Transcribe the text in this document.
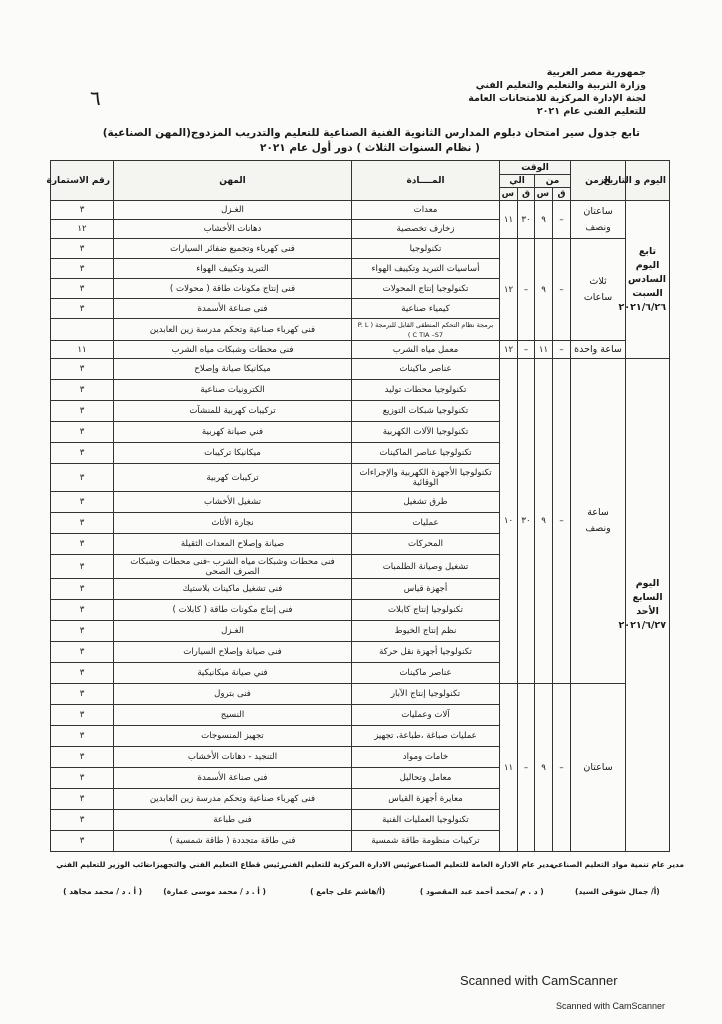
٦
جمهورية مصر العربية
وزارة التربية والتعليم والتعليم الفني
لجنة الإدارة المركزية للامتحانات العامة
للتعليم الفني عام ٢٠٢١
تابع جدول سير امتحان دبلوم المدارس الثانوية الفنية الصناعية للتعليم والتدريب المزدوج(المهن الصناعية)
( نظام السنوات الثلاث ) دور أول عام ٢٠٢١
اليوم و التاريخ	الزمن	الوقت				المــــادة	المهن	رقم الاستمارة
		من		الي				
		ق	س	ق	س			
تابع اليوم السادس السبت ٢٠٢١/٦/٢٦	ساعتان ونصف	–	٩	٣٠	١١	معدات	الغـزل	٣
						زخارف تخصصية	دهانات الأخشاب	١٢
	ثلاث ساعات	–	٩	–	١٢	تكنولوجيا	فنى كهرباء وتجميع ضفائر السيارات	٣
						أساسيات التبريد وتكييف الهواء	التبريد وتكييف الهواء	٣
						تكنولوجيا إنتاج المحولات	فنى إنتاج مكونات طاقة ( محولات )	٣
						كيمياء صناعية	فنى صناعة الأسمدة	٣
						برمجة نظام التحكم المنطقى القابل للبرمجة ( P. L C TIA –S7 )	فنى كهرباء صناعية وتحكم مدرسة زين العابدين	
	ساعة واحدة	–	١١	–	١٢	معمل مياه الشرب	فنى محطات وشبكات مياه الشرب	١١
اليوم السابع الأحد ٢٠٢١/٦/٢٧	ساعة ونصف	–	٩	٣٠	١٠	عناصر ماكينات	ميكانيكا صيانة وإصلاح	٣
						تكنولوجيا محطات توليد	الكترونيات صناعية	٣
						تكنولوجيا شبكات التوزيع	تركيبات كهربية للمنشآت	٣
						تكنولوجيا الآلات الكهربية	فني صيانة كهربية	٣
						تكنولوجيا عناصر الماكينات	ميكانيكا تركيبات	٣
						تكنولوجيا الأجهزة الكهربية والإجراءات الوقائية	تركيبات كهربية	٣
						طرق تشغيل	تشغيل الأخشاب	٣
						عمليات	نجارة الأثاث	٣
						المحركات	صيانة وإصلاح المعدات الثقيلة	٣
						تشغيل وصيانة الطلمبات	فنى محطات وشبكات مياه الشرب -فنى محطات وشبكات الصرف الصحى	٣
						أجهزة قياس	فنى تشغيل ماكينات بلاستيك	٣
						تكنولوجيا إنتاج كابلات	فنى إنتاج مكونات طاقة ( كابلات )	٣
						نظم إنتاج الخيوط	الغـزل	٣
						تكنولوجيا أجهزة نقل حركة	فنى صيانة وإصلاح السيارات	٣
						عناصر ماكينات	فني صيانة ميكانيكية	٣
	ساعتان	–	٩	–	١١	تكنولوجيا إنتاج الآبار	فنى بترول	٣
						آلات وعمليات	النسيج	٣
						عمليات صباغة ،طباعة، تجهيز	تجهيز المنسوجات	٣
						خامات ومواد	التنجيد - دهانات الأخشاب	٣
						معامل وتحاليل	فنى صناعة الأسمدة	٣
						معايرة أجهزة القياس	فنى كهرباء صناعية وتحكم مدرسة زين العابدين	٣
						تكنولوجيا العمليات الفنية	فنى طباعة	٣
						تركيبات منظومة طاقة شمسية	فنى طاقة متجددة ( طاقة شمسية )	٣
مدير عام تنمية مواد التعليم الصناعي
(أ/ جمال شوقى السيد)
مدير عام الادارة العامة للتعليم الصناعي
( د . م /محمد أحمد عبد المقصود )
رئيس الادارة المركزية للتعليم الفني
(أ/هاشم على جامع )
رئيس قطاع التعليم الفني والتجهيزات
( أ . د / محمد موسى عمارة)
نائب الوزير للتعليم الفني
( أ . د / محمد مجاهد )
Scanned with CamScanner
Scanned with CamScanner
